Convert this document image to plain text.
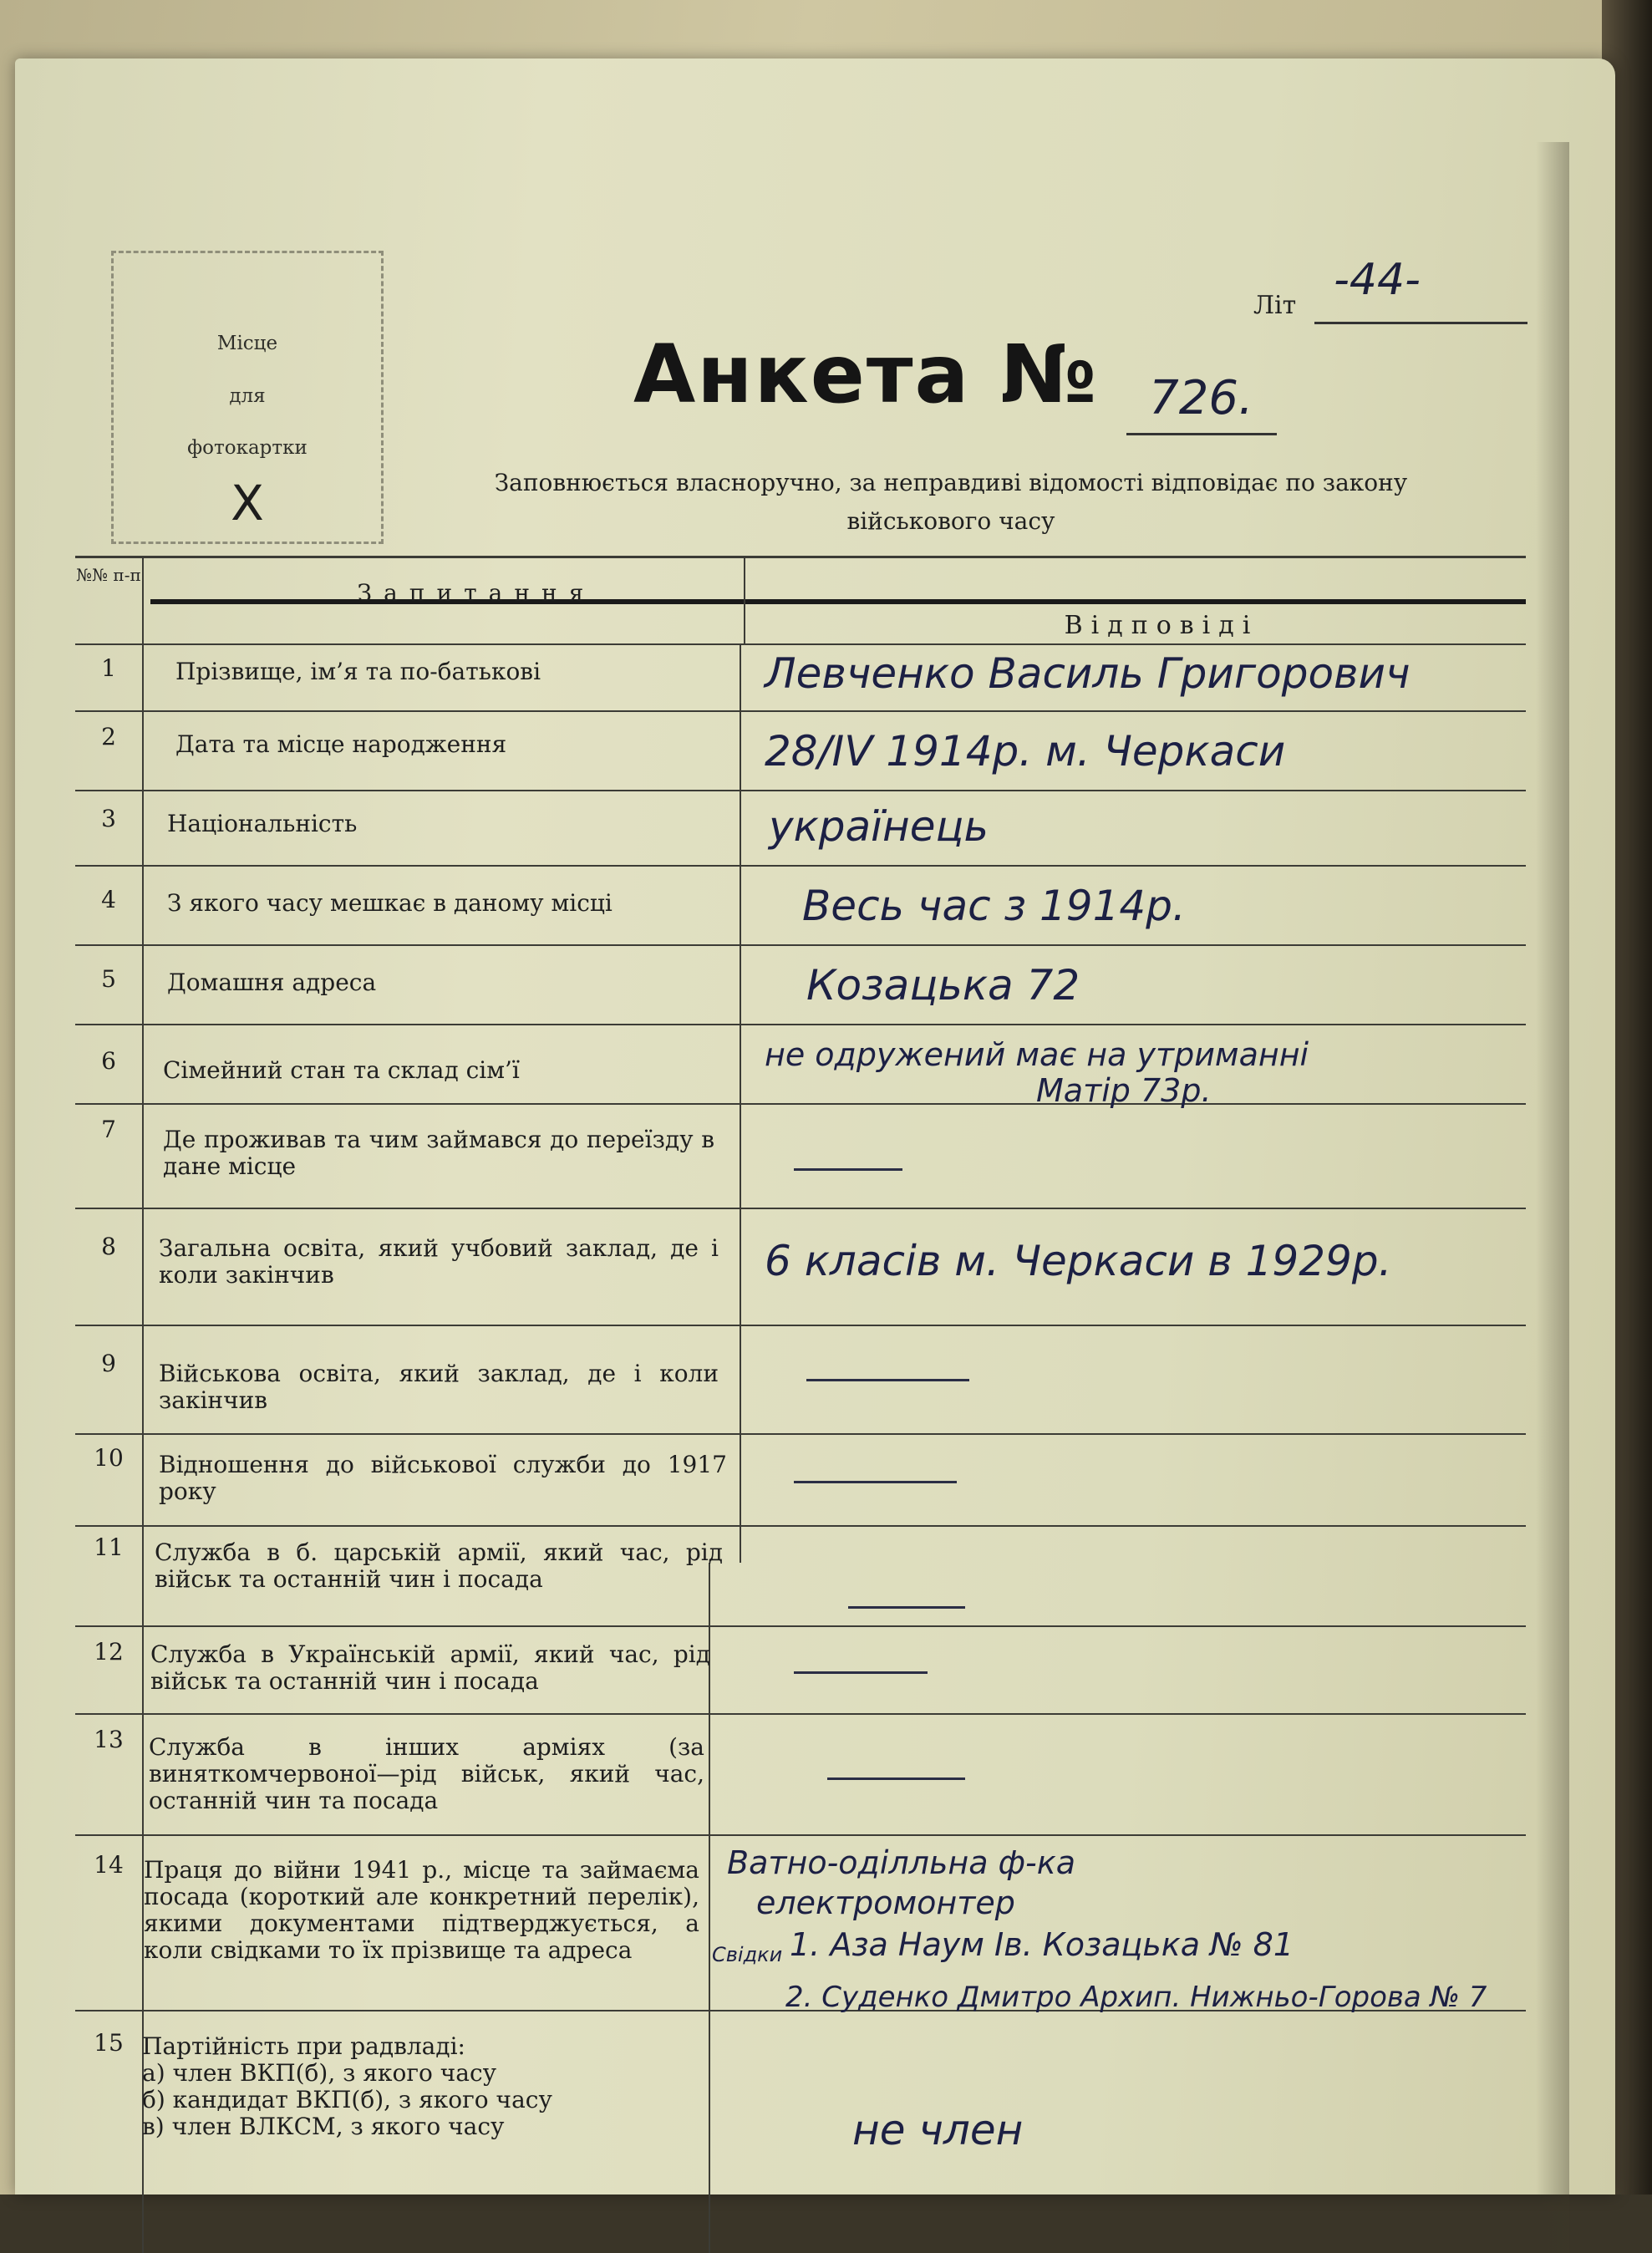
Місце
для
фотокартки
X
Літ
-44-
Анкета №	726.
Заповнюється власноручно, за неправдиві відомості відповідає по закону
військового часу
№№ п-п
Запитання
Відповіді
1	Прізвище, ім’я та по-батькові	Левченко Василь Григорович
2	Дата та місце народження	28/IV 1914р. м. Черкаси
3	Національність	українець
4	З якого часу мешкає в даному місці	Весь час з 1914р.
5	Домашня адреса	Козацька 72
6	Сімейний стан та склад сім’ї	не одружений має на утриманні
Матір 73р.
7	Де проживав та чим займався до переїзду в дане місце
8	Загальна освіта, який учбовий заклад, де і коли закінчив	6 класів м. Черкаси в 1929р.
9	Військова освіта, який заклад, де і коли закінчив
10	Відношення до військової служби до 1917 року
11	Служба в б. царській армії, який час, рід військ та останній чин і посада
12	Служба в Українській армії, який час, рід військ та останній чин і посада
13	Служба в інших арміях (за виняткомчервоної—рід військ, який час, останній чин та посада
14 Праця до війни 1941 р., місце та займаєма посада (короткий але конкретний перелік), якими документами підтверджується, а коли свідками то їх прізвище та адреса
Ватно-оділльна ф-ка
електромонтер
Свідки 1. Аза Наум Ів. Козацька № 81
2. Суденко Дмитро Архип. Нижньо-Горова № 7
15 Партійність при радвладі:
а) член ВКП(б), з якого часу
б) кандидат ВКП(б), з якого часу
в) член ВЛКСМ, з якого часу	не член
